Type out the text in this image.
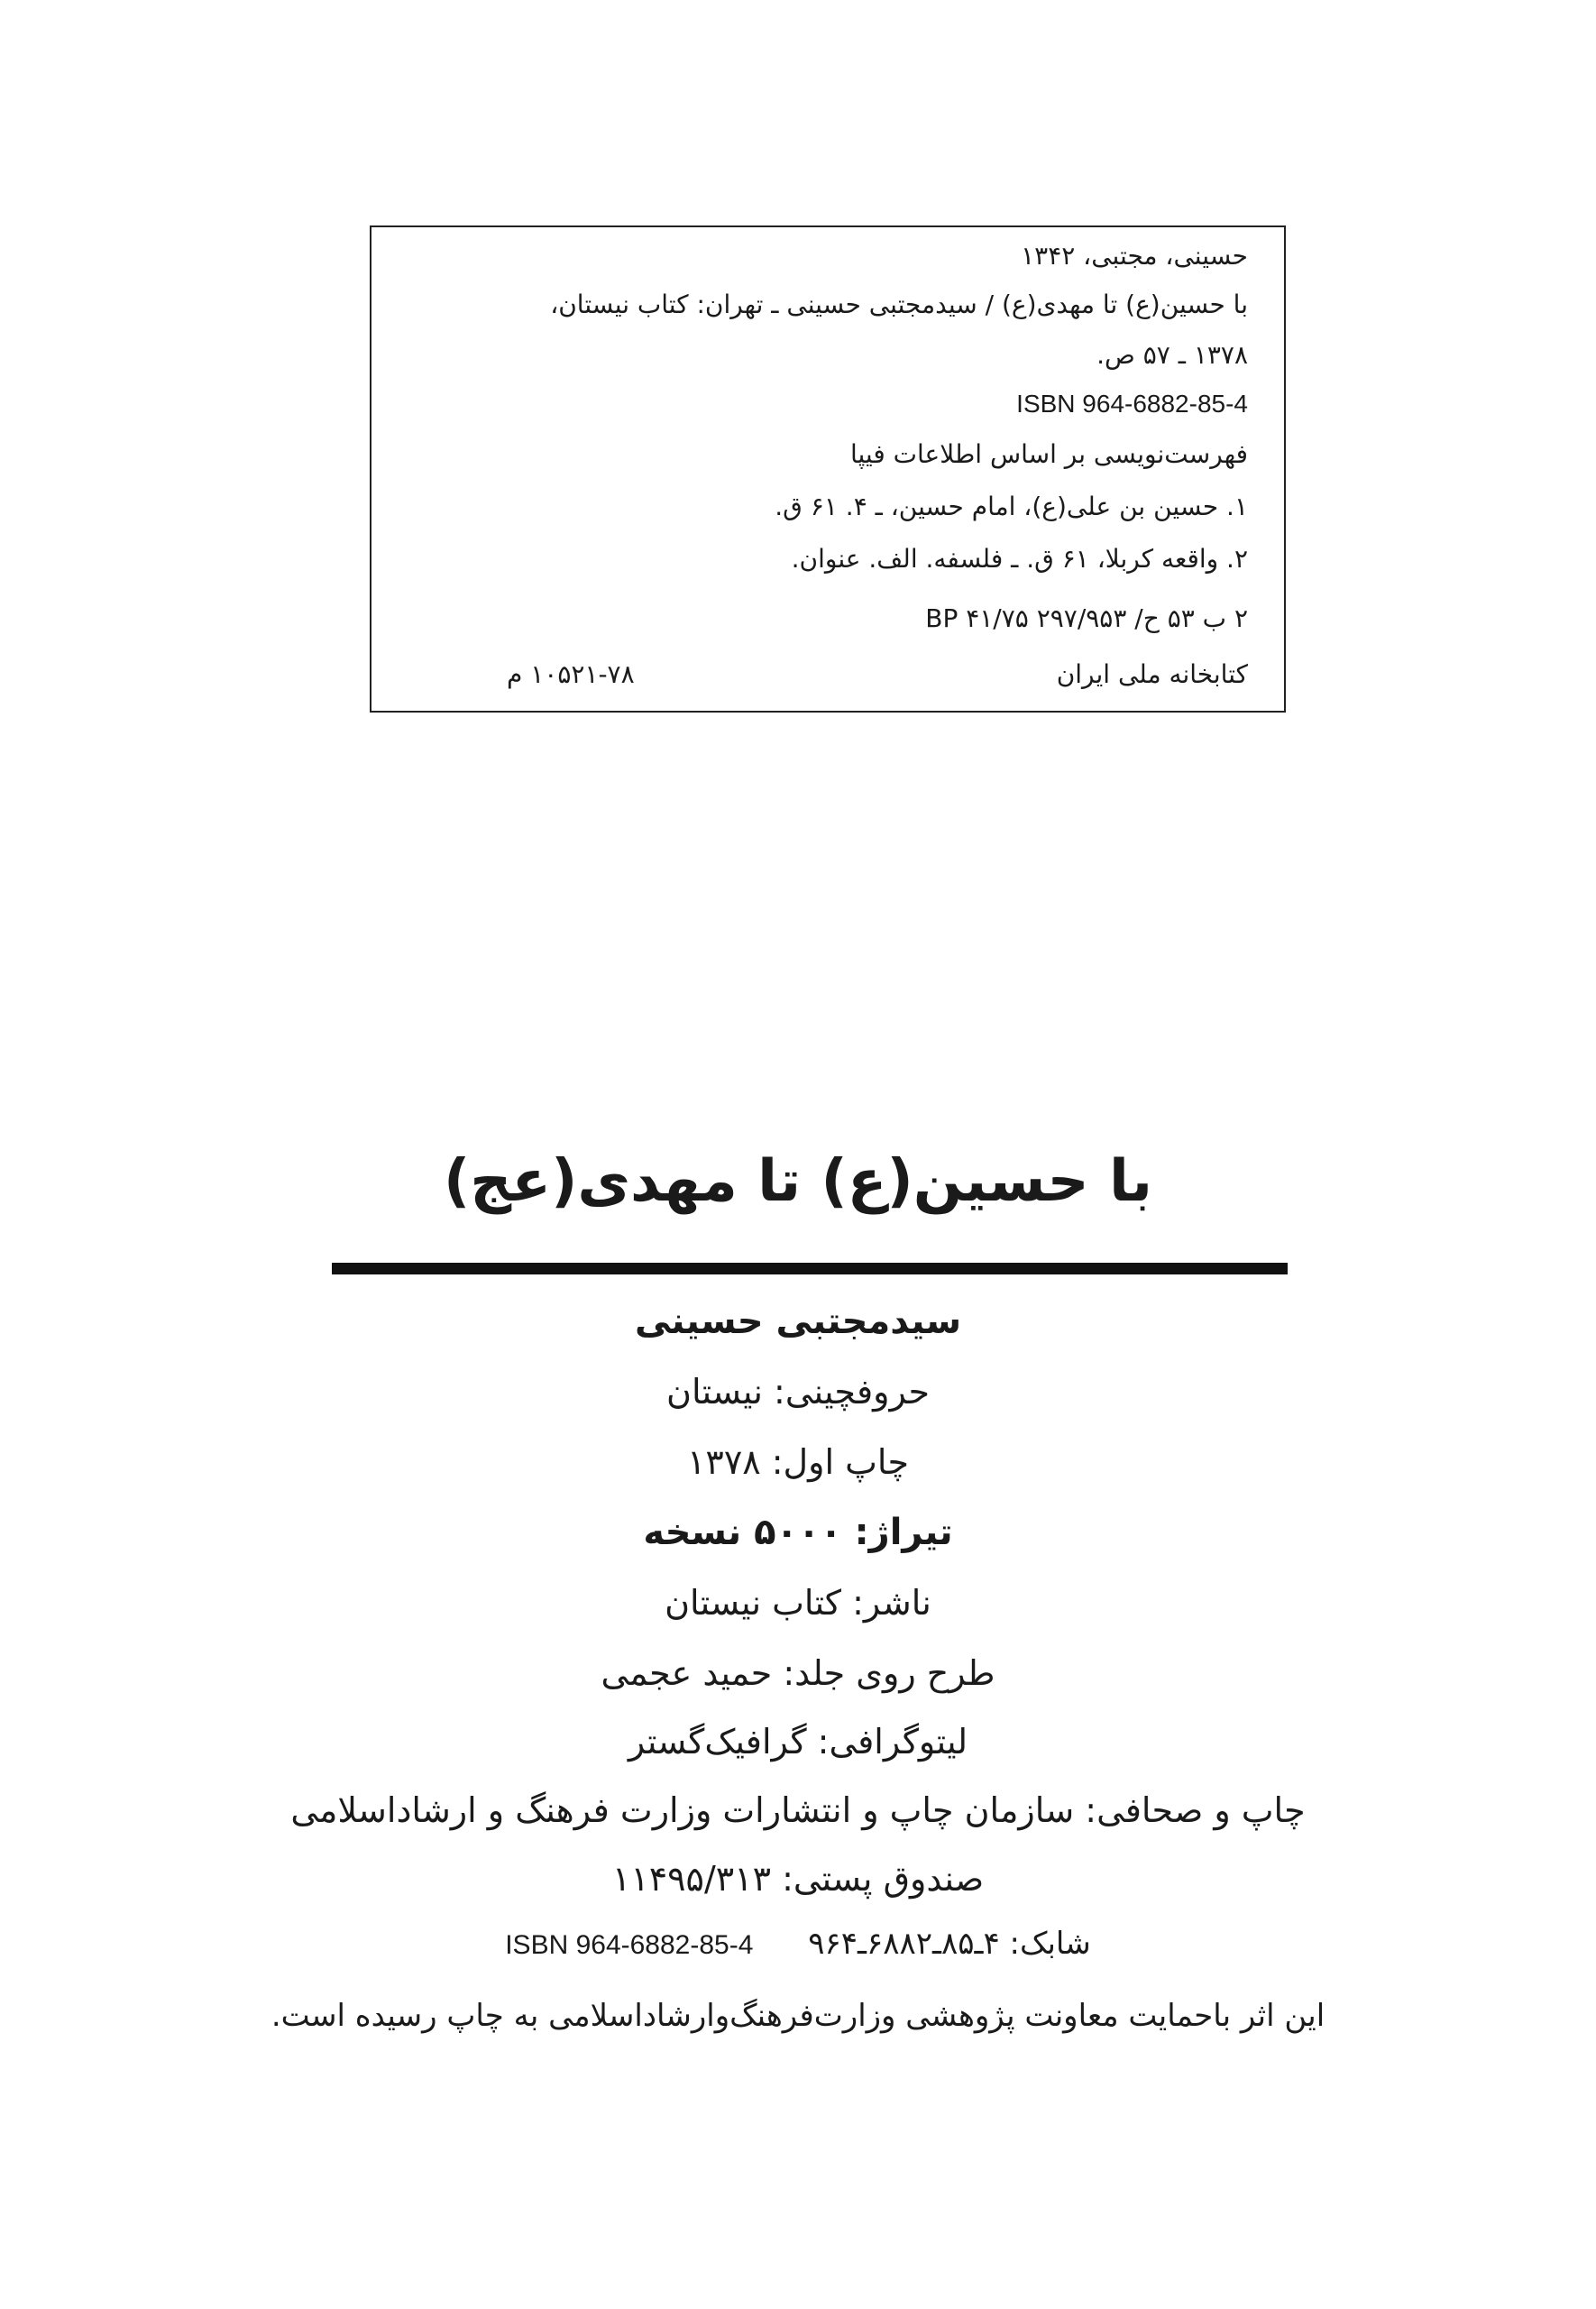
حسینی، مجتبی، ۱۳۴۲
با حسین(ع) تا مهدی(ع) / سیدمجتبی حسینی ـ تهران: کتاب نیستان،
۱۳۷۸ ـ ۵۷ ص.
ISBN 964-6882-85-4
فهرست‌نویسی بر اساس اطلاعات فیپا
۱. حسین بن علی(ع)، امام حسین، ـ ۴. ۶۱ ق.
۲. واقعه کربلا، ۶۱ ق. ـ فلسفه. الف. عنوان.
۲ ب ۵۳ ح/ BP ۴۱/۷۵ ۲۹۷/۹۵۳
کتابخانه ملی ایران
۱۰۵۲۱-۷۸ م
با حسین(ع) تا مهدی(عج)
سیدمجتبی حسینی
حروفچینی: نیستان
چاپ اول: ۱۳۷۸
تیراژ: ۵۰۰۰ نسخه
ناشر: کتاب نیستان
طرح روی جلد: حمید عجمی
لیتوگرافی: گرافیک‌گستر
چاپ و صحافی: سازمان چاپ و انتشارات وزارت فرهنگ و ارشاداسلامی
صندوق پستی: ۱۱۴۹۵/۳۱۳
ISBN 964-6882-85-4 شابک: ۴ـ۸۵ـ۶۸۸۲ـ۹۶۴
این اثر باحمایت معاونت پژوهشی وزارت‌فرهنگ‌وارشاداسلامی به چاپ رسیده است.
